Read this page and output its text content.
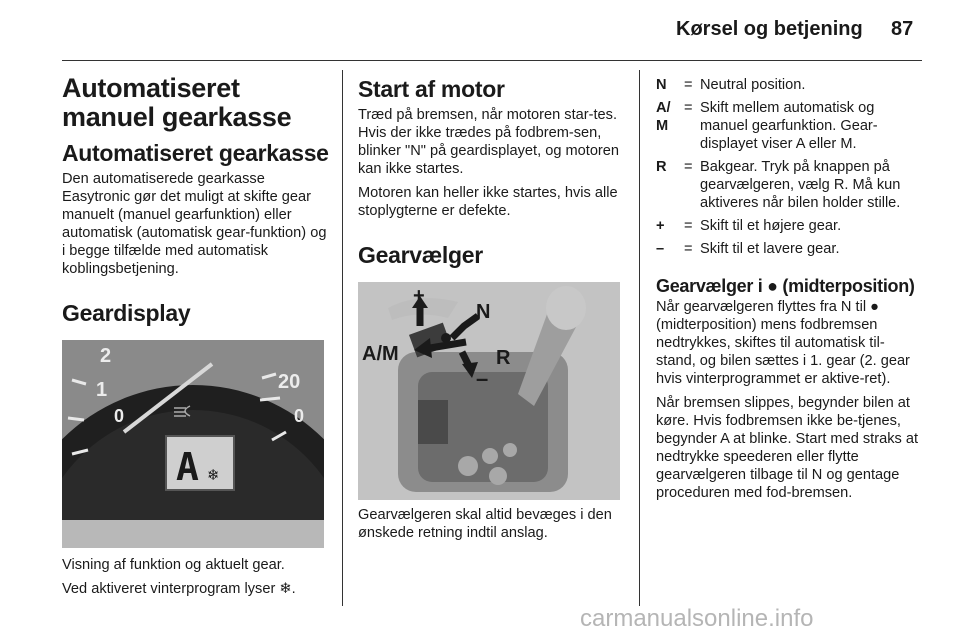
Kørsel og betjening 87
Automatiseret manuel gearkasse
Automatiseret gearkasse

Den automatiserede gearkasse Easytronic gør det muligt at skifte gear manuelt (manuel gearfunktion) eller automatisk (automatisk gear-funktion) og i begge tilfælde med automatisk koblingsbetjening.

Geardisplay
2
1
0
20
0
A ❄

Visning af funktion og aktuelt gear.

Ved aktiveret vinterprogram lyser ❄.

Start af motor

Træd på bremsen, når motoren star-tes. Hvis der ikke trædes på fodbrem-sen, blinker "N" på geardisplayet, og motoren kan ikke startes.

Motoren kan heller ikke startes, hvis alle stoplygterne er defekte.

Gearvælger
+
A/M
N
R
–

Gearvælgeren skal altid bevæges i den ønskede retning indtil anslag.

N	= Neutral position.
A/
M
= Skift mellem automatisk og manuel gearfunktion. Gear-displayet viser A eller M.
R	= Bakgear. Tryk på knappen på gearvælgeren, vælg R. Må kun aktiveres når bilen holder stille.
+	= Skift til et højere gear.
–	= Skift til et lavere gear.
Gearvælger i ● (midterposition)

Når gearvælgeren flyttes fra N til ● (midterposition) mens fodbremsen nedtrykkes, skiftes til automatisk til-stand, og bilen sættes i 1. gear (2. gear hvis vinterprogrammet er aktive-ret).

Når bremsen slippes, begynder bilen at køre. Hvis fodbremsen ikke be-tjenes, begynder A at blinke. Start med straks at nedtrykke speederen eller flytte gearvælgeren tilbage til N og gentage proceduren med fod-bremsen.

carmanualsonline.info
